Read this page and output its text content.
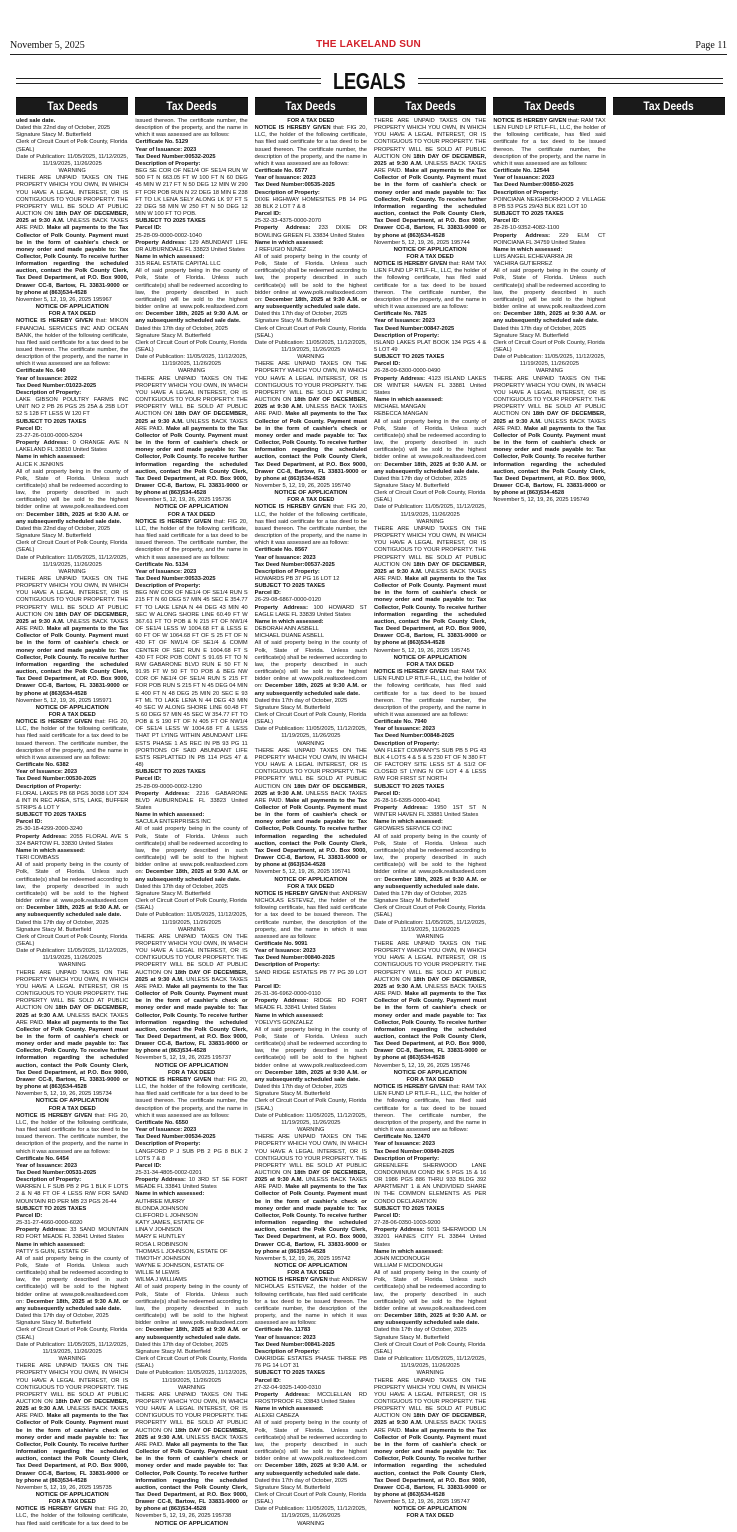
November 5, 2025	THE LAKELAND SUN	Page 11
LEGALS
Tax Deeds	Tax Deeds	Tax Deeds	Tax Deeds	Tax Deeds	Tax Deeds

uled sale date.

Dated this 22nd day of October, 2025

Signature Stacy M. Butterfield

Clerk of Circuit Court of Polk County, Florida

(SEAL)

Date of Publication: 11/05/2025, 11/12/2025, 11/19/2025, 11/26/2025

WARNING

THERE ARE UNPAID TAXES ON THE PROPERTY WHICH YOU OWN, IN WHICH YOU HAVE A LEGAL INTEREST, OR IS CONTIGUOUS TO YOUR PROPERTY. THE PROPERTY WILL BE SOLD AT PUBLIC AUCTION ON 18th DAY OF DECEMBER, 2025 at 9:30 A.M. UNLESS BACK TAXES ARE PAID. Make all payments to the Tax Collector of Polk County. Payment must be in the form of cashier's check or money order and made payable to: Tax Collector, Polk County. To receive further information regarding the scheduled auction, contact the Polk County Clerk, Tax Deed Department, at P.O. Box 9000, Drawer CC-8, Bartow, FL 33831-9000 or by phone at (863)534-4528

November 5, 12, 19, 26, 2025 195967

NOTICE OF APPLICATION

FOR A TAX DEED

NOTICE IS HEREBY GIVEN that: MIKON FINANCIAL SERVICES INC AND OCEAN BANK, the holder of the following certificate, has filed said certificate for a tax deed to be issued thereon. The certificate number, the description of the property, and the name in which it was assessed are as follows:

Certificate No. 640

Year of Issuance: 2022

Tax Deed Number:01023-2025

Description of Property:

LAKE GIBSON POULTRY FARMS INC UNIT NO 2 PB 26 PGS 25 25A & 25B LOT 52 S 128 FT LESS W 120 FT

SUBJECT TO 2025 TAXES

Parcel ID:

23-27-26-0100-0000-5204

Property Address: 0 ORANGE AVE N LAKELAND FL 33810 United States

Name in which assessed:

ALICE K JENKINS

All of said property being in the county of Polk, State of Florida. Unless such certificate(s) shall be redeemed according to law, the property described in such certificate(s) will be sold to the highest bidder online at www.polk.realtaxdeed.com on: December 18th, 2025 at 9:30 A.M. or any subsequently scheduled sale date.

Dated this 22nd day of October, 2025

Signature Stacy M. Butterfield

Clerk of Circuit Court of Polk County, Florida

(SEAL)

Date of Publication: 11/05/2025, 11/12/2025, 11/19/2025, 11/26/2025

WARNING

THERE ARE UNPAID TAXES ON THE PROPERTY WHICH YOU OWN, IN WHICH YOU HAVE A LEGAL INTEREST, OR IS CONTIGUOUS TO YOUR PROPERTY. THE PROPERTY WILL BE SOLD AT PUBLIC AUCTION ON 18th DAY OF DECEMBER, 2025 at 9:30 A.M. UNLESS BACK TAXES ARE PAID. Make all payments to the Tax Collector of Polk County. Payment must be in the form of cashier's check or money order and made payable to: Tax Collector, Polk County. To receive further information regarding the scheduled auction, contact the Polk County Clerk, Tax Deed Department, at P.O. Box 9000, Drawer CC-8, Bartow, FL 33831-9000 or by phone at (863)534-4528

November 5, 12, 19, 26, 2025 195971

NOTICE OF APPLICATION

FOR A TAX DEED

NOTICE IS HEREBY GIVEN that: FIG 20, LLC, the holder of the following certificate, has filed said certificate for a tax deed to be issued thereon. The certificate number, the description of the property, and the name in which it was assessed are as follows:

Certificate No. 6382

Year of Issuance: 2023

Tax Deed Number:00530-2025

Description of Property:

FLORAL LAKES PB 68 PGS 30/38 LOT 324 & INT IN REC AREA, STS, LAKE, BUFFER STRIPS & LOT Y

SUBJECT TO 2025 TAXES

Parcel ID:

25-30-18-4299-2000-3240

Property Address: 2055 FLORAL AVE S 324 BARTOW FL 33830 United States

Name in which assessed:

TERI COMBASS

All of said property being in the county of Polk, State of Florida. Unless such certificate(s) shall be redeemed according to law, the property described in such certificate(s) will be sold to the highest bidder online at www.polk.realtaxdeed.com on: December 18th, 2025 at 9:30 A.M. or any subsequently scheduled sale date.

Dated this 17th day of October, 2025

Signature Stacy M. Butterfield

Clerk of Circuit Court of Polk County, Florida

(SEAL)

Date of Publication: 11/05/2025, 11/12/2025, 11/19/2025, 11/26/2025

WARNING

THERE ARE UNPAID TAXES ON THE PROPERTY WHICH YOU OWN, IN WHICH YOU HAVE A LEGAL INTEREST, OR IS CONTIGUOUS TO YOUR PROPERTY. THE PROPERTY WILL BE SOLD AT PUBLIC AUCTION ON 18th DAY OF DECEMBER, 2025 at 9:30 A.M. UNLESS BACK TAXES ARE PAID. Make all payments to the Tax Collector of Polk County. Payment must be in the form of cashier's check or money order and made payable to: Tax Collector, Polk County. To receive further information regarding the scheduled auction, contact the Polk County Clerk, Tax Deed Department, at P.O. Box 9000, Drawer CC-8, Bartow, FL 33831-9000 or by phone at (863)534-4528

November 5, 12, 19, 26, 2025 195734

NOTICE OF APPLICATION

FOR A TAX DEED

NOTICE IS HEREBY GIVEN that: FIG 20, LLC, the holder of the following certificate, has filed said certificate for a tax deed to be issued thereon. The certificate number, the description of the property, and the name in which it was assessed are as follows:

Certificate No. 6454

Year of Issuance: 2023

Tax Deed Number:00531-2025

Description of Property:

WARREN L F SUB PB 2 PG 1 BLK F LOTS 2 & N 48 FT OF 4 LESS R/W FOR SAND MOUNTAIN RD PER MB 23 PGS 26-44

SUBJECT TO 2025 TAXES

Parcel ID:

25-31-27-4660-0000-6020

Property Address: 33 SAND MOUNTAIN RD FORT MEADE FL 33841 United States

Name in which assessed:

PATTY S GUIN, ESTATE OF

All of said property being in the county of Polk, State of Florida. Unless such certificate(s) shall be redeemed according to law, the property described in such certificate(s) will be sold to the highest bidder online at www.polk.realtaxdeed.com on: December 18th, 2025 at 9:30 A.M. or any subsequently scheduled sale date.

Dated this 17th day of October, 2025

Signature Stacy M. Butterfield

Clerk of Circuit Court of Polk County, Florida

(SEAL)

Date of Publication: 11/05/2025, 11/12/2025, 11/19/2025, 11/26/2025

WARNING

THERE ARE UNPAID TAXES ON THE PROPERTY WHICH YOU OWN, IN WHICH YOU HAVE A LEGAL INTEREST, OR IS CONTIGUOUS TO YOUR PROPERTY. THE PROPERTY WILL BE SOLD AT PUBLIC AUCTION ON 18th DAY OF DECEMBER, 2025 at 9:30 A.M. UNLESS BACK TAXES ARE PAID. Make all payments to the Tax Collector of Polk County. Payment must be in the form of cashier's check or money order and made payable to: Tax Collector, Polk County. To receive further information regarding the scheduled auction, contact the Polk County Clerk, Tax Deed Department, at P.O. Box 9000, Drawer CC-8, Bartow, FL 33831-9000 or by phone at (863)534-4528

November 5, 12, 19, 26, 2025 195735

NOTICE OF APPLICATION

FOR A TAX DEED

NOTICE IS HEREBY GIVEN that: FIG 20, LLC, the holder of the following certificate, has filed said certificate for a tax deed to be issued thereon. The certificate number, the description of the property, and the name in which it was assessed are as follows:

Certificate No. 5129

Year of Issuance: 2023

Tax Deed Number:00532-2025

Description of Property:

BEG SE COR OF NE1/4 OF SE1/4 RUN W 500 FT N 663.05 FT W 100 FT N 60 DEG 45 MIN W 217 FT N 50 DEG 12 MIN W 290 FT FOR POB RUN N 22 DEG 18 MIN E 238 FT TO LK LENA SELY ALONG LK 97 FT S 22 DEG 58 MIN W 250 FT N 50 DEG 12 MIN W 100 FT TO POB.

SUBJECT TO 2025 TAXES

Parcel ID:

25-28-09-0000-0002-1040

Property Address: 129 ABUNDANT LIFE DR AUBURNDALE FL 33823 United States

Name in which assessed:

315 REAL ESTATE CAPITAL LLC

All of said property being in the county of Polk, State of Florida. Unless such certificate(s) shall be redeemed according to law, the property described in such certificate(s) will be sold to the highest bidder online at www.polk.realtaxdeed.com on: December 18th, 2025 at 9:30 A.M. or any subsequently scheduled sale date.

Dated this 17th day of October, 2025

Signature Stacy M. Butterfield

Clerk of Circuit Court of Polk County, Florida

(SEAL)

Date of Publication: 11/05/2025, 11/12/2025, 11/19/2025, 11/26/2025

WARNING

THERE ARE UNPAID TAXES ON THE PROPERTY WHICH YOU OWN, IN WHICH YOU HAVE A LEGAL INTEREST, OR IS CONTIGUOUS TO YOUR PROPERTY. THE PROPERTY WILL BE SOLD AT PUBLIC AUCTION ON 18th DAY OF DECEMBER, 2025 at 9:30 A.M. UNLESS BACK TAXES ARE PAID. Make all payments to the Tax Collector of Polk County. Payment must be in the form of cashier's check or money order and made payable to: Tax Collector, Polk County. To receive further information regarding the scheduled auction, contact the Polk County Clerk, Tax Deed Department, at P.O. Box 9000, Drawer CC-8, Bartow, FL 33831-9000 or by phone at (863)534-4528

November 5, 12, 19, 26, 2025 195736

NOTICE OF APPLICATION

FOR A TAX DEED

NOTICE IS HEREBY GIVEN that: FIG 20, LLC, the holder of the following certificate, has filed said certificate for a tax deed to be issued thereon. The certificate number, the description of the property, and the name in which it was assessed are as follows:

Certificate No. 5134

Year of Issuance: 2023

Tax Deed Number:00533-2025

Description of Property:

BEG NW COR OF NE1/4 OF SE1/4 RUN S 215 FT N 60 DEG 57 MIN 45 SEC E 354.77 FT TO LAKE LENA N 44 DEG 43 MIN 40 SEC W ALONG SHORE LINE 60.49 FT W 367.61 FT TO POB & N 215 FT OF NW1/4 OF SE1/4 LESS W 1004.68 FT & LESS E 60 FT OF W 1064.68 FT OF S 25 FT OF N 430 FT OF NW1/4 OF SE1/4 & COMM CENTER OF SEC RUN E 1004.68 FT S 430 FT FOR POB CONT S 91.65 FT TO N R/W GABARONE BLVD RUN E 50 FT N 91.95 FT W 50 FT TO POB & BEG NW COR OF NE1/4 OF SE1/4 RUN S 215 FT FOR POB RUN S 215 FT N 45 DEG 04 MIN E 400 FT N 48 DEG 25 MIN 20 SEC E 93 FT ML TO LAKE LENA N 44 DEG 43 MIN 40 SEC W ALONG SHORE LINE 60.48 FT S 60 DEG 57 MIN 45 SEC W 354.77 FT TO POB & S 190 FT OF N 405 FT OF NW1/4 OF SE1/4 LESS W 1004.68 FT & LESS THAT PT LYING WITHIN ABUNDANT LIFE ESTS PHASE 1 AS REC IN PB 93 PG 11 (PORTIONS OF SAID ABUNDANT LIFE ESTS REPLATTED IN PB 114 PGS 47 & 48)

SUBJECT TO 2025 TAXES

Parcel ID:

25-28-09-0000-0002-1290

Property Address: 2216 GABARONE BLVD AUBURNDALE FL 33823 United States

Name in which assessed:

SACULA ENTERPRISES INC

All of said property being in the county of Polk, State of Florida. Unless such certificate(s) shall be redeemed according to law, the property described in such certificate(s) will be sold to the highest bidder online at www.polk.realtaxdeed.com on: December 18th, 2025 at 9:30 A.M. or any subsequently scheduled sale date.

Dated this 17th day of October, 2025

Signature Stacy M. Butterfield

Clerk of Circuit Court of Polk County, Florida

(SEAL)

Date of Publication: 11/05/2025, 11/12/2025, 11/19/2025, 11/26/2025

WARNING

THERE ARE UNPAID TAXES ON THE PROPERTY WHICH YOU OWN, IN WHICH YOU HAVE A LEGAL INTEREST, OR IS CONTIGUOUS TO YOUR PROPERTY. THE PROPERTY WILL BE SOLD AT PUBLIC AUCTION ON 18th DAY OF DECEMBER, 2025 at 9:30 A.M. UNLESS BACK TAXES ARE PAID. Make all payments to the Tax Collector of Polk County. Payment must be in the form of cashier's check or money order and made payable to: Tax Collector, Polk County. To receive further information regarding the scheduled auction, contact the Polk County Clerk, Tax Deed Department, at P.O. Box 9000, Drawer CC-8, Bartow, FL 33831-9000 or by phone at (863)534-4528

November 5, 12, 19, 26, 2025 195737

NOTICE OF APPLICATION

FOR A TAX DEED

NOTICE IS HEREBY GIVEN that: FIG 20, LLC, the holder of the following certificate, has filed said certificate for a tax deed to be issued thereon. The certificate number, the description of the property, and the name in which it was assessed are as follows:

Certificate No. 6550

Year of Issuance: 2023

Tax Deed Number:00534-2025

Description of Property:

LANGFORD P J SUB PB 2 PG 8 BLK 2 LOTS 7 & 8

Parcel ID:

25-31-34-4805-0002-0201

Property Address: 10 3RD ST SE FORT MEADE FL 33841 United States

Name in which assessed:

AUTHREE MURRY

BLONDA JOHNSON

CLIFFORD L JOHNSON

KATY JAMES, ESTATE OF

LINA V JOHNSON

MARY E HUNTLEY

ROSA L ROBINSON

THOMAS L JOHNSON, ESTATE OF

TIMOTHY JOHNSON

WAYNE E JOHNSON, ESTATE OF

WILLIE M LEWIS

WILMA J WILLIAMS

All of said property being in the county of Polk, State of Florida. Unless such certificate(s) shall be redeemed according to law, the property described in such certificate(s) will be sold to the highest bidder online at www.polk.realtaxdeed.com on: December 18th, 2025 at 9:30 A.M. or any subsequently scheduled sale date.

Dated this 17th day of October, 2025

Signature Stacy M. Butterfield

Clerk of Circuit Court of Polk County, Florida

(SEAL)

Date of Publication: 11/05/2025, 11/12/2025, 11/19/2025, 11/26/2025

WARNING

THERE ARE UNPAID TAXES ON THE PROPERTY WHICH YOU OWN, IN WHICH YOU HAVE A LEGAL INTEREST, OR IS CONTIGUOUS TO YOUR PROPERTY. THE PROPERTY WILL BE SOLD AT PUBLIC AUCTION ON 18th DAY OF DECEMBER, 2025 at 9:30 A.M. UNLESS BACK TAXES ARE PAID. Make all payments to the Tax Collector of Polk County. Payment must be in the form of cashier's check or money order and made payable to: Tax Collector, Polk County. To receive further information regarding the scheduled auction, contact the Polk County Clerk, Tax Deed Department, at P.O. Box 9000, Drawer CC-8, Bartow, FL 33831-9000 or by phone at (863)534-4528

November 5, 12, 19, 26, 2025 195738

NOTICE OF APPLICATION

FOR A TAX DEED

NOTICE IS HEREBY GIVEN that: FIG 20, LLC, the holder of the following certificate, has filed said certificate for a tax deed to be issued thereon. The certificate number, the description of the property, and the name in which it was assessed are as follows:

Certificate No. 6577

Year of Issuance: 2023

Tax Deed Number:00535-2025

Description of Property:

DIXIE HIGHWAY HOMESITES PB 14 PG 38 BLK 2 LOT 7 & 8

Parcel ID:

25-32-33-4375-0000-2070

Property Address: 233 DIXIE DR BOWLING GREEN FL 33834 United States

Name in which assessed:

J REFUGIO NUNEZ

All of said property being in the county of Polk, State of Florida. Unless such certificate(s) shall be redeemed according to law, the property described in such certificate(s) will be sold to the highest bidder online at www.polk.realtaxdeed.com on: December 18th, 2025 at 9:30 A.M. or any subsequently scheduled sale date.

Dated this 17th day of October, 2025

Signature Stacy M. Butterfield

Clerk of Circuit Court of Polk County, Florida

(SEAL)

Date of Publication: 11/05/2025, 11/12/2025, 11/19/2025, 11/26/2025

WARNING

THERE ARE UNPAID TAXES ON THE PROPERTY WHICH YOU OWN, IN WHICH YOU HAVE A LEGAL INTEREST, OR IS CONTIGUOUS TO YOUR PROPERTY. THE PROPERTY WILL BE SOLD AT PUBLIC AUCTION ON 18th DAY OF DECEMBER, 2025 at 9:30 A.M. UNLESS BACK TAXES ARE PAID. Make all payments to the Tax Collector of Polk County. Payment must be in the form of cashier's check or money order and made payable to: Tax Collector, Polk County. To receive further information regarding the scheduled auction, contact the Polk County Clerk, Tax Deed Department, at P.O. Box 9000, Drawer CC-8, Bartow, FL 33831-9000 or by phone at (863)534-4528

November 5, 12, 19, 26, 2025 195740

NOTICE OF APPLICATION

FOR A TAX DEED

NOTICE IS HEREBY GIVEN that: FIG 20, LLC, the holder of the following certificate, has filed said certificate for a tax deed to be issued thereon. The certificate number, the description of the property, and the name in which it was assessed are as follows:

Certificate No. 8567

Year of Issuance: 2023

Tax Deed Number:00537-2025

Description of Property:

HOWARDS PB 37 PG 16 LOT 12

SUBJECT TO 2025 TAXES

Parcel ID:

26-29-08-6867-0000-0120

Property Address: 100 HOWARD ST EAGLE LAKE FL 33839 United States

Name in which assessed:

DEBORAH ANN ASBELL

MICHAEL DUANE ASBELL

All of said property being in the county of Polk, State of Florida. Unless such certificate(s) shall be redeemed according to law, the property described in such certificate(s) will be sold to the highest bidder online at www.polk.realtaxdeed.com on: December 18th, 2025 at 9:30 A.M. or any subsequently scheduled sale date.

Dated this 17th day of October, 2025

Signature Stacy M. Butterfield

Clerk of Circuit Court of Polk County, Florida

(SEAL)

Date of Publication: 11/05/2025, 11/12/2025, 11/19/2025, 11/26/2025

WARNING

THERE ARE UNPAID TAXES ON THE PROPERTY WHICH YOU OWN, IN WHICH YOU HAVE A LEGAL INTEREST, OR IS CONTIGUOUS TO YOUR PROPERTY. THE PROPERTY WILL BE SOLD AT PUBLIC AUCTION ON 18th DAY OF DECEMBER, 2025 at 9:30 A.M. UNLESS BACK TAXES ARE PAID. Make all payments to the Tax Collector of Polk County. Payment must be in the form of cashier's check or money order and made payable to: Tax Collector, Polk County. To receive further information regarding the scheduled auction, contact the Polk County Clerk, Tax Deed Department, at P.O. Box 9000, Drawer CC-8, Bartow, FL 33831-9000 or by phone at (863)534-4528

November 5, 12, 19, 26, 2025 195741

NOTICE OF APPLICATION

FOR A TAX DEED

NOTICE IS HEREBY GIVEN that: ANDREW NICHOLAS ESTEVEZ, the holder of the following certificate, has filed said certificate for a tax deed to be issued thereon. The certificate number, the description of the property, and the name in which it was assessed are as follows:

Certificate No. 9091

Year of Issuance: 2023

Tax Deed Number:00840-2025

Description of Property:

SAND RIDGE ESTATES PB 77 PG 39 LOT 11

Parcel ID:

26-31-36-6962-0000-0110

Property Address: RIDGE RD FORT MEADE FL 33841 United States

Name in which assessed:

YOELVYS GONZALEZ

All of said property being in the county of Polk, State of Florida. Unless such certificate(s) shall be redeemed according to law, the property described in such certificate(s) will be sold to the highest bidder online at www.polk.realtaxdeed.com on: December 18th, 2025 at 9:30 A.M. or any subsequently scheduled sale date.

Dated this 17th day of October, 2025

Signature Stacy M. Butterfield

Clerk of Circuit Court of Polk County, Florida

(SEAL)

Date of Publication: 11/05/2025, 11/12/2025, 11/19/2025, 11/26/2025

WARNING

THERE ARE UNPAID TAXES ON THE PROPERTY WHICH YOU OWN, IN WHICH YOU HAVE A LEGAL INTEREST, OR IS CONTIGUOUS TO YOUR PROPERTY. THE PROPERTY WILL BE SOLD AT PUBLIC AUCTION ON 18th DAY OF DECEMBER, 2025 at 9:30 A.M. UNLESS BACK TAXES ARE PAID. Make all payments to the Tax Collector of Polk County. Payment must be in the form of cashier's check or money order and made payable to: Tax Collector, Polk County. To receive further information regarding the scheduled auction, contact the Polk County Clerk, Tax Deed Department, at P.O. Box 9000, Drawer CC-8, Bartow, FL 33831-9000 or by phone at (863)534-4528

November 5, 12, 19, 26, 2025 195742

NOTICE OF APPLICATION

FOR A TAX DEED

NOTICE IS HEREBY GIVEN that: ANDREW NICHOLAS ESTEVEZ, the holder of the following certificate, has filed said certificate for a tax deed to be issued thereon. The certificate number, the description of the property, and the name in which it was assessed are as follows:

Certificate No. 11783

Year of Issuance: 2023

Tax Deed Number:00841-2025

Description of Property:

OAKRIDGE ESTATES PHASE THREE PB 76 PG 14 LOT 31

SUBJECT TO 2025 TAXES

Parcel ID:

27-32-04-9325-1400-0310

Property Address: MCCLELLAN RD FROSTPROOF FL 33843 United States

Name in which assessed:

ALEXEI CABEZA

All of said property being in the county of Polk, State of Florida. Unless such certificate(s) shall be redeemed according to law, the property described in such certificate(s) will be sold to the highest bidder online at www.polk.realtaxdeed.com on: December 18th, 2025 at 9:30 A.M. or any subsequently scheduled sale date.

Dated this 17th day of October, 2025

Signature Stacy M. Butterfield

Clerk of Circuit Court of Polk County, Florida

(SEAL)

Date of Publication: 11/05/2025, 11/12/2025, 11/19/2025, 11/26/2025

WARNING

THERE ARE UNPAID TAXES ON THE PROPERTY WHICH YOU OWN, IN WHICH YOU HAVE A LEGAL INTEREST, OR IS CONTIGUOUS TO YOUR PROPERTY. THE PROPERTY WILL BE SOLD AT PUBLIC AUCTION ON 18th DAY OF DECEMBER, 2025 at 9:30 A.M. UNLESS BACK TAXES ARE PAID. Make all payments to the Tax Collector of Polk County. Payment must be in the form of cashier's check or money order and made payable to: Tax Collector, Polk County. To receive further information regarding the scheduled auction, contact the Polk County Clerk, Tax Deed Department, at P.O. Box 9000, Drawer CC-8, Bartow, FL 33831-9000 or by phone at (863)534-4528

November 5, 12, 19, 26, 2025 195744

NOTICE OF APPLICATION

FOR A TAX DEED

NOTICE IS HEREBY GIVEN that: RAM TAX LIEN FUND LP RTLF-FL, LLC, the holder of the following certificate, has filed said certificate for a tax deed to be issued thereon. The certificate number, the description of the property, and the name in which it was assessed are as follows:

Certificate No. 7825

Year of Issuance: 2023

Tax Deed Number:00847-2025

Description of Property:

ISLAND LAKES PLAT BOOK 134 PGS 4 & 5 LOT 49

SUBJECT TO 2025 TAXES

Parcel ID:

26-28-09-6300-0000-0490

Property Address: 4123 ISLAND LAKES DR WINTER HAVEN FL 33881 United States

Name in which assessed:

MICHAEL MANGAN

REBECCA MANGAN

All of said property being in the county of Polk, State of Florida. Unless such certificate(s) shall be redeemed according to law, the property described in such certificate(s) will be sold to the highest bidder online at www.polk.realtaxdeed.com on: December 18th, 2025 at 9:30 A.M. or any subsequently scheduled sale date.

Dated this 17th day of October, 2025

Signature Stacy M. Butterfield

Clerk of Circuit Court of Polk County, Florida

(SEAL)

Date of Publication: 11/05/2025, 11/12/2025, 11/19/2025, 11/26/2025

WARNING

THERE ARE UNPAID TAXES ON THE PROPERTY WHICH YOU OWN, IN WHICH YOU HAVE A LEGAL INTEREST, OR IS CONTIGUOUS TO YOUR PROPERTY. THE PROPERTY WILL BE SOLD AT PUBLIC AUCTION ON 18th DAY OF DECEMBER, 2025 at 9:30 A.M. UNLESS BACK TAXES ARE PAID. Make all payments to the Tax Collector of Polk County. Payment must be in the form of cashier's check or money order and made payable to: Tax Collector, Polk County. To receive further information regarding the scheduled auction, contact the Polk County Clerk, Tax Deed Department, at P.O. Box 9000, Drawer CC-8, Bartow, FL 33831-9000 or by phone at (863)534-4528

November 5, 12, 19, 26, 2025 195745

NOTICE OF APPLICATION

FOR A TAX DEED

NOTICE IS HEREBY GIVEN that: RAM TAX LIEN FUND LP RTLF-FL, LLC, the holder of the following certificate, has filed said certificate for a tax deed to be issued thereon. The certificate number, the description of the property, and the name in which it was assessed are as follows:

Certificate No. 7940

Year of Issuance: 2023

Tax Deed Number:00848-2025

Description of Property:

VAN FLEET COMPANY'S SUB PB 5 PG 43 BLK 4 LOTS 4 & 5 & S 230 FT OF N 380 FT OF FACTORY SITE LESS ST & S1/2 OF CLOSED ST LYING N OF LOT 4 & LESS R/W FOR FIRST ST NORTH

SUBJECT TO 2025 TAXES

Parcel ID:

26-28-16-6395-0000-4041

Property Address: 1950 1ST ST N WINTER HAVEN FL 33881 United States

Name in which assessed:

GROWERS SERVICE CO INC

All of said property being in the county of Polk, State of Florida. Unless such certificate(s) shall be redeemed according to law, the property described in such certificate(s) will be sold to the highest bidder online at www.polk.realtaxdeed.com on: December 18th, 2025 at 9:30 A.M. or any subsequently scheduled sale date.

Dated this 17th day of October, 2025

Signature Stacy M. Butterfield

Clerk of Circuit Court of Polk County, Florida

(SEAL)

Date of Publication: 11/05/2025, 11/12/2025, 11/19/2025, 11/26/2025

WARNING

THERE ARE UNPAID TAXES ON THE PROPERTY WHICH YOU OWN, IN WHICH YOU HAVE A LEGAL INTEREST, OR IS CONTIGUOUS TO YOUR PROPERTY. THE PROPERTY WILL BE SOLD AT PUBLIC AUCTION ON 18th DAY OF DECEMBER, 2025 at 9:30 A.M. UNLESS BACK TAXES ARE PAID. Make all payments to the Tax Collector of Polk County. Payment must be in the form of cashier's check or money order and made payable to: Tax Collector, Polk County. To receive further information regarding the scheduled auction, contact the Polk County Clerk, Tax Deed Department, at P.O. Box 9000, Drawer CC-8, Bartow, FL 33831-9000 or by phone at (863)534-4528

November 5, 12, 19, 26, 2025 195746

NOTICE OF APPLICATION

FOR A TAX DEED

NOTICE IS HEREBY GIVEN that: RAM TAX LIEN FUND LP RTLF-FL, LLC, the holder of the following certificate, has filed said certificate for a tax deed to be issued thereon. The certificate number, the description of the property, and the name in which it was assessed are as follows:

Certificate No. 12470

Year of Issuance: 2023

Tax Deed Number:00849-2025

Description of Property:

GREENLEFE SHERWOOD LANE CONDOMINIUM COND BK 5 PGS 15 & 16 OR 1986 PGS 886 THRU 933 BLDG 392 APARTMENT 1 & AN UNDIVIDED SHARE IN THE COMMON ELEMENTS AS PER CONDO DECLARATION

SUBJECT TO 2025 TAXES

Parcel ID:

27-28-06-0350-1003-9200

Property Address: 5011 SHERWOOD LN 39201 HAINES CITY FL 33844 United States

Name in which assessed:

JOHN MCDONOUGH

WILLIAM F MCDONOUGH

All of said property being in the county of Polk, State of Florida. Unless such certificate(s) shall be redeemed according to law, the property described in such certificate(s) will be sold to the highest bidder online at www.polk.realtaxdeed.com on: December 18th, 2025 at 9:30 A.M. or any subsequently scheduled sale date.

Dated this 17th day of October, 2025

Signature Stacy M. Butterfield

Clerk of Circuit Court of Polk County, Florida

(SEAL)

Date of Publication: 11/05/2025, 11/12/2025, 11/19/2025, 11/26/2025

WARNING

THERE ARE UNPAID TAXES ON THE PROPERTY WHICH YOU OWN, IN WHICH YOU HAVE A LEGAL INTEREST, OR IS CONTIGUOUS TO YOUR PROPERTY. THE PROPERTY WILL BE SOLD AT PUBLIC AUCTION ON 18th DAY OF DECEMBER, 2025 at 9:30 A.M. UNLESS BACK TAXES ARE PAID. Make all payments to the Tax Collector of Polk County. Payment must be in the form of cashier's check or money order and made payable to: Tax Collector, Polk County. To receive further information regarding the scheduled auction, contact the Polk County Clerk, Tax Deed Department, at P.O. Box 9000, Drawer CC-8, Bartow, FL 33831-9000 or by phone at (863)534-4528

November 5, 12, 19, 26, 2025 195747

NOTICE OF APPLICATION

FOR A TAX DEED

NOTICE IS HEREBY GIVEN that: RAM TAX LIEN FUND LP RTLF-FL, LLC, the holder of the following certificate, has filed said certificate for a tax deed to be issued thereon. The certificate number, the description of the property, and the name in which it was assessed are as follows:

Certificate No. 12544

Year of Issuance: 2023

Tax Deed Number:00850-2025

Description of Property:

POINCIANA NEIGHBORHOOD 2 VILLAGE 8 PB 53 PGS 29/43 BLK 821 LOT 10

SUBJECT TO 2025 TAXES

Parcel ID:

28-28-10-9352-4082-1100

Property Address: 229 ELM CT POINCIANA FL 34759 United States

Name in which assessed:

LUIS ANGEL ECHEVARRIA JR

YACHIRA GUTIERREZ

All of said property being in the county of Polk, State of Florida. Unless such certificate(s) shall be redeemed according to law, the property described in such certificate(s) will be sold to the highest bidder online at www.polk.realtaxdeed.com on: December 18th, 2025 at 9:30 A.M. or any subsequently scheduled sale date.

Dated this 17th day of October, 2025

Signature Stacy M. Butterfield

Clerk of Circuit Court of Polk County, Florida

(SEAL)

Date of Publication: 11/05/2025, 11/12/2025, 11/19/2025, 11/26/2025

WARNING

THERE ARE UNPAID TAXES ON THE PROPERTY WHICH YOU OWN, IN WHICH YOU HAVE A LEGAL INTEREST, OR IS CONTIGUOUS TO YOUR PROPERTY. THE PROPERTY WILL BE SOLD AT PUBLIC AUCTION ON 18th DAY OF DECEMBER, 2025 at 9:30 A.M. UNLESS BACK TAXES ARE PAID. Make all payments to the Tax Collector of Polk County. Payment must be in the form of cashier's check or money order and made payable to: Tax Collector, Polk County. To receive further information regarding the scheduled auction, contact the Polk County Clerk, Tax Deed Department, at P.O. Box 9000, Drawer CC-8, Bartow, FL 33831-9000 or by phone at (863)534-4528

November 5, 12, 19, 26, 2025 195749
